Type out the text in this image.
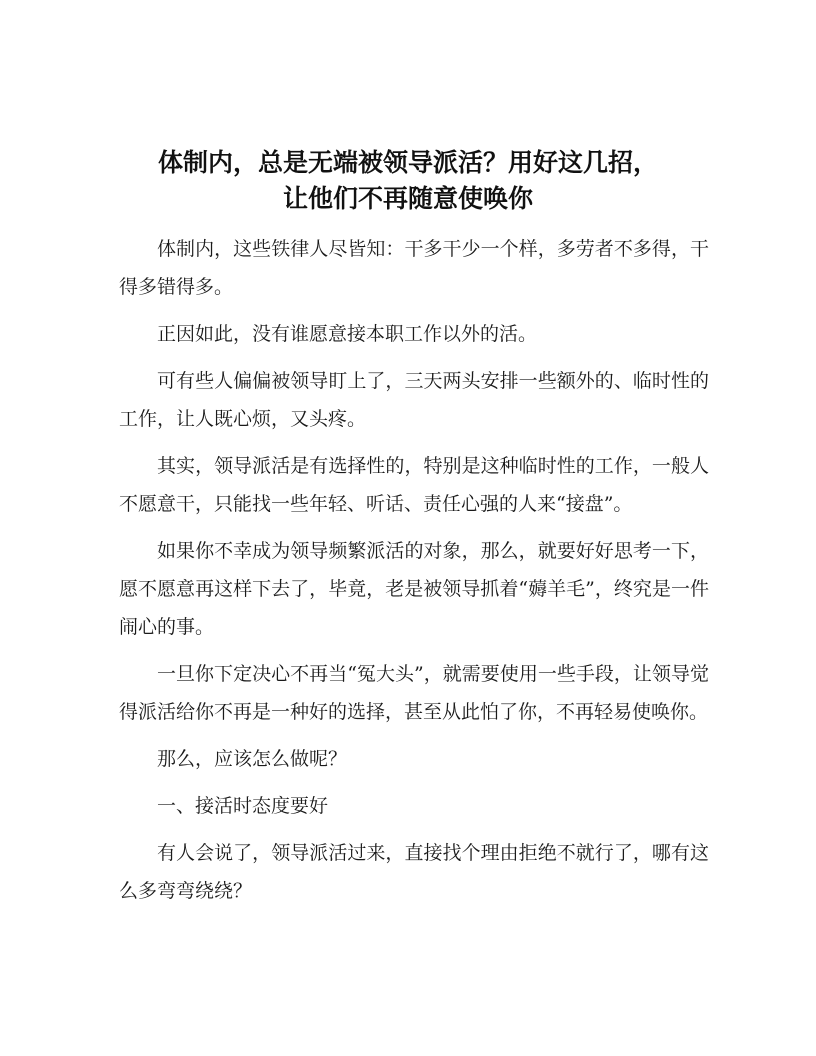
体制内，总是无端被领导派活？用好这几招，
让他们不再随意使唤你

体制内，这些铁律人尽皆知：干多干少一个样，多劳者不多得，干得多错得多。

正因如此，没有谁愿意接本职工作以外的活。

可有些人偏偏被领导盯上了，三天两头安排一些额外的、临时性的工作，让人既心烦，又头疼。

其实，领导派活是有选择性的，特别是这种临时性的工作，一般人不愿意干，只能找一些年轻、听话、责任心强的人来“接盘”。

如果你不幸成为领导频繁派活的对象，那么，就要好好思考一下，愿不愿意再这样下去了，毕竟，老是被领导抓着“薅羊毛”，终究是一件闹心的事。

一旦你下定决心不再当“冤大头”，就需要使用一些手段，让领导觉得派活给你不再是一种好的选择，甚至从此怕了你，不再轻易使唤你。

那么，应该怎么做呢？

一、接活时态度要好

有人会说了，领导派活过来，直接找个理由拒绝不就行了，哪有这么多弯弯绕绕？
